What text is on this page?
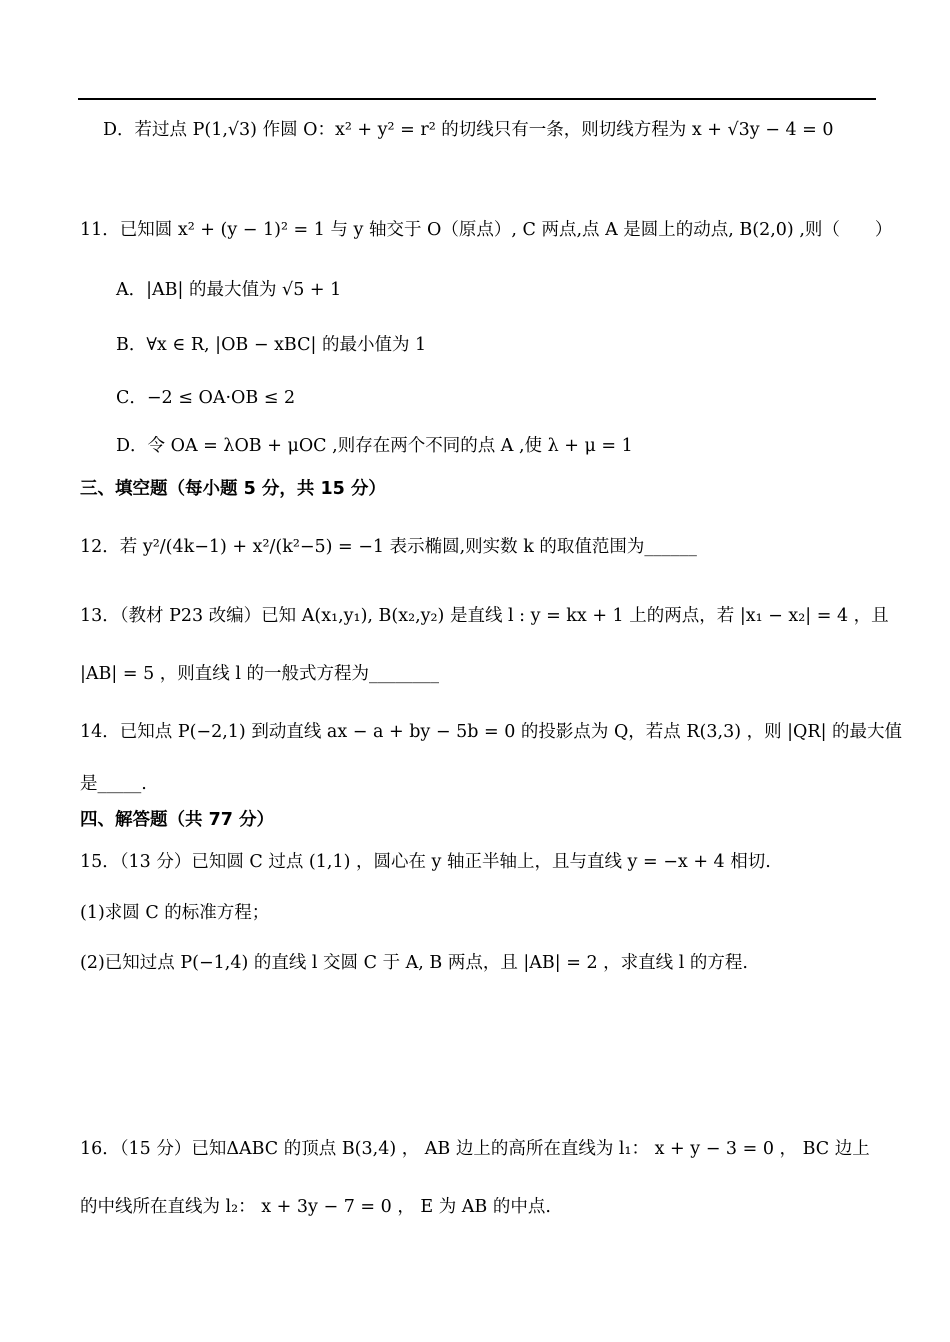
D．若过点 P(1,√3) 作圆 O：x² + y² = r² 的切线只有一条，则切线方程为 x + √3y − 4 = 0
11．已知圆 x² + (y − 1)² = 1 与 y 轴交于 O（原点）, C 两点,点 A 是圆上的动点, B(2,0) ,则（　　）
A．|AB| 的最大值为 √5 + 1
B．∀x ∈ R, |OB − xBC| 的最小值为 1
C．−2 ≤ OA·OB ≤ 2
D．令 OA = λOB + μOC ,则存在两个不同的点 A ,使 λ + μ = 1
三、填空题（每小题 5 分，共 15 分）
12．若 y²/(4k−1) + x²/(k²−5) = −1 表示椭圆,则实数 k 的取值范围为______
13．（教材 P23 改编）已知 A(x₁,y₁), B(x₂,y₂) 是直线 l : y = kx + 1 上的两点，若 |x₁ − x₂| = 4 ，且
|AB| = 5 ，则直线 l 的一般式方程为________
14．已知点 P(−2,1) 到动直线 ax − a + by − 5b = 0 的投影点为 Q，若点 R(3,3) ，则 |QR| 的最大值
是_____.
四、解答题（共 77 分）
15．（13 分）已知圆 C 过点 (1,1) ，圆心在 y 轴正半轴上，且与直线 y = −x + 4 相切.
(1)求圆 C 的标准方程；
(2)已知过点 P(−1,4) 的直线 l 交圆 C 于 A, B 两点，且 |AB| = 2 ，求直线 l 的方程.
16．（15 分）已知ΔABC 的顶点 B(3,4) ， AB 边上的高所在直线为 l₁： x + y − 3 = 0 ， BC 边上
的中线所在直线为 l₂： x + 3y − 7 = 0 ， E 为 AB 的中点.
